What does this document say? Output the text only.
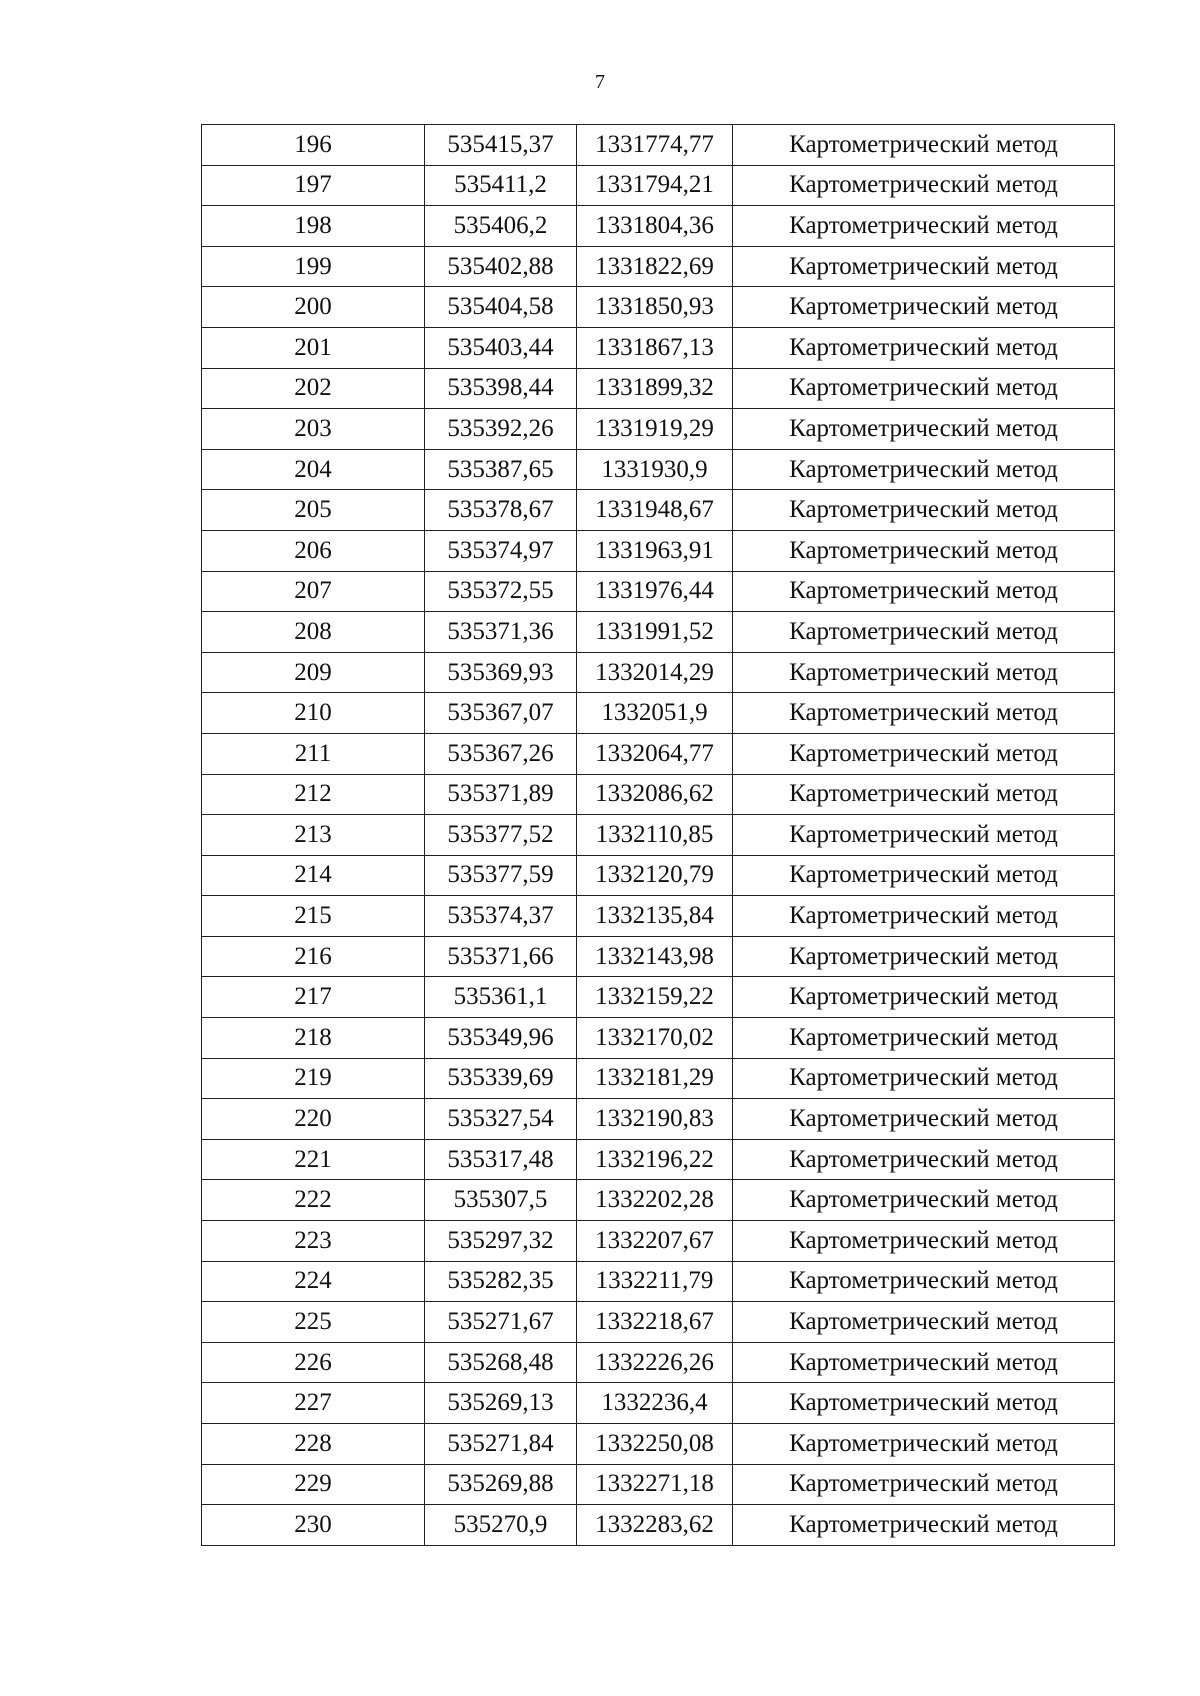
7
196	535415,37	1331774,77	Картометрический метод
197	535411,2	1331794,21	Картометрический метод
198	535406,2	1331804,36	Картометрический метод
199	535402,88	1331822,69	Картометрический метод
200	535404,58	1331850,93	Картометрический метод
201	535403,44	1331867,13	Картометрический метод
202	535398,44	1331899,32	Картометрический метод
203	535392,26	1331919,29	Картометрический метод
204	535387,65	1331930,9	Картометрический метод
205	535378,67	1331948,67	Картометрический метод
206	535374,97	1331963,91	Картометрический метод
207	535372,55	1331976,44	Картометрический метод
208	535371,36	1331991,52	Картометрический метод
209	535369,93	1332014,29	Картометрический метод
210	535367,07	1332051,9	Картометрический метод
211	535367,26	1332064,77	Картометрический метод
212	535371,89	1332086,62	Картометрический метод
213	535377,52	1332110,85	Картометрический метод
214	535377,59	1332120,79	Картометрический метод
215	535374,37	1332135,84	Картометрический метод
216	535371,66	1332143,98	Картометрический метод
217	535361,1	1332159,22	Картометрический метод
218	535349,96	1332170,02	Картометрический метод
219	535339,69	1332181,29	Картометрический метод
220	535327,54	1332190,83	Картометрический метод
221	535317,48	1332196,22	Картометрический метод
222	535307,5	1332202,28	Картометрический метод
223	535297,32	1332207,67	Картометрический метод
224	535282,35	1332211,79	Картометрический метод
225	535271,67	1332218,67	Картометрический метод
226	535268,48	1332226,26	Картометрический метод
227	535269,13	1332236,4	Картометрический метод
228	535271,84	1332250,08	Картометрический метод
229	535269,88	1332271,18	Картометрический метод
230	535270,9	1332283,62	Картометрический метод
